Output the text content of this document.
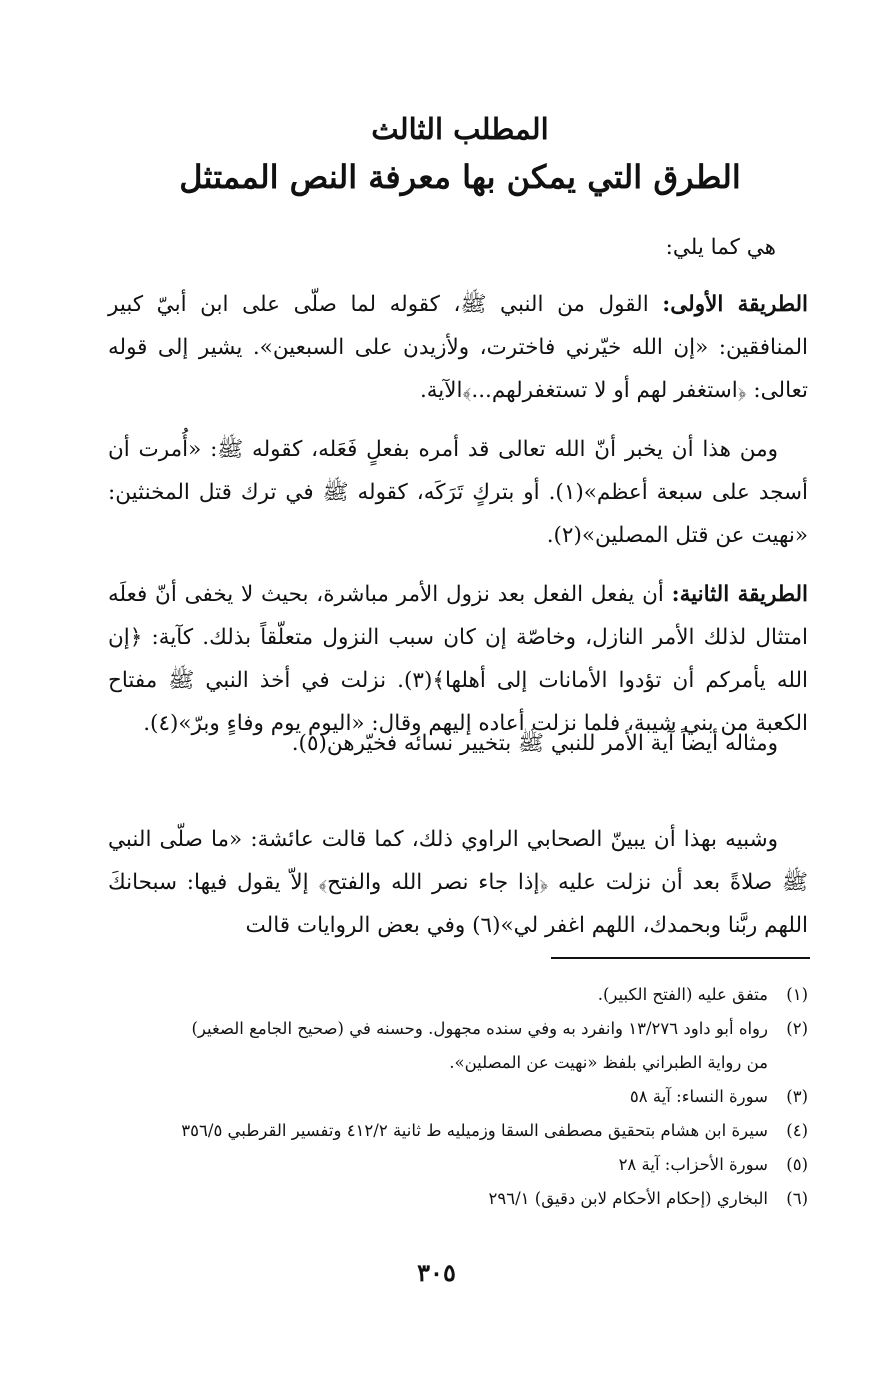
المطلب الثالث
الطرق التي يمكن بها معرفة النص الممتثل

هي كما يلي:

الطريقة الأولى: القول من النبي ﷺ، كقوله لما صلّى على ابن أبيّ كبير المنافقين: «إن الله خيّرني فاخترت، ولأزيدن على السبعين». يشير إلى قوله تعالى: ﴿استغفر لهم أو لا تستغفرلهم...﴾الآية.

ومن هذا أن يخبر أنّ الله تعالى قد أمره بفعلٍ فَعَله، كقوله ﷺ: «أُمرت أن أسجد على سبعة أعظم»(١). أو بتركٍ تَرَكَه، كقوله ﷺ في ترك قتل المخنثين: «نهيت عن قتل المصلين»(٢).

الطريقة الثانية: أن يفعل الفعل بعد نزول الأمر مباشرة، بحيث لا يخفى أنّ فعلَه امتثال لذلك الأمر النازل، وخاصّة إن كان سبب النزول متعلّقاً بذلك. كآية: ﴿إن الله يأمركم أن تؤدوا الأمانات إلى أهلها﴾(٣). نزلت في أخذ النبي ﷺ مفتاح الكعبة من بني شيبة، فلما نزلت أعاده إليهم وقال: «اليوم يوم وفاءٍ وبرّ»(٤).

ومثاله أيضاً آية الأمر للنبي ﷺ بتخيير نسائه فخيّرهن(٥).

وشبيه بهذا أن يبينّ الصحابي الراوي ذلك، كما قالت عائشة: «ما صلّى النبي ﷺ صلاةً بعد أن نزلت عليه ﴿إذا جاء نصر الله والفتح﴾ إلاّ يقول فيها: سبحانكَ اللهم ربَّنا وبحمدك، اللهم اغفر لي»(٦) وفي بعض الروايات قالت

(١)متفق عليه (الفتح الكبير).
(٢)رواه أبو داود ١٣/٢٧٦ وانفرد به وفي سنده مجهول. وحسنه في (صحيح الجامع الصغير)
من رواية الطبراني بلفظ «نهيت عن المصلين».
(٣)سورة النساء: آية ٥٨
(٤)سيرة ابن هشام بتحقيق مصطفى السقا وزميليه ط ثانية ٤١٢/٢ وتفسير القرطبي ٣٥٦/٥
(٥)سورة الأحزاب: آية ٢٨
(٦)البخاري (إحكام الأحكام لابن دقيق) ٢٩٦/١
٣٠٥
